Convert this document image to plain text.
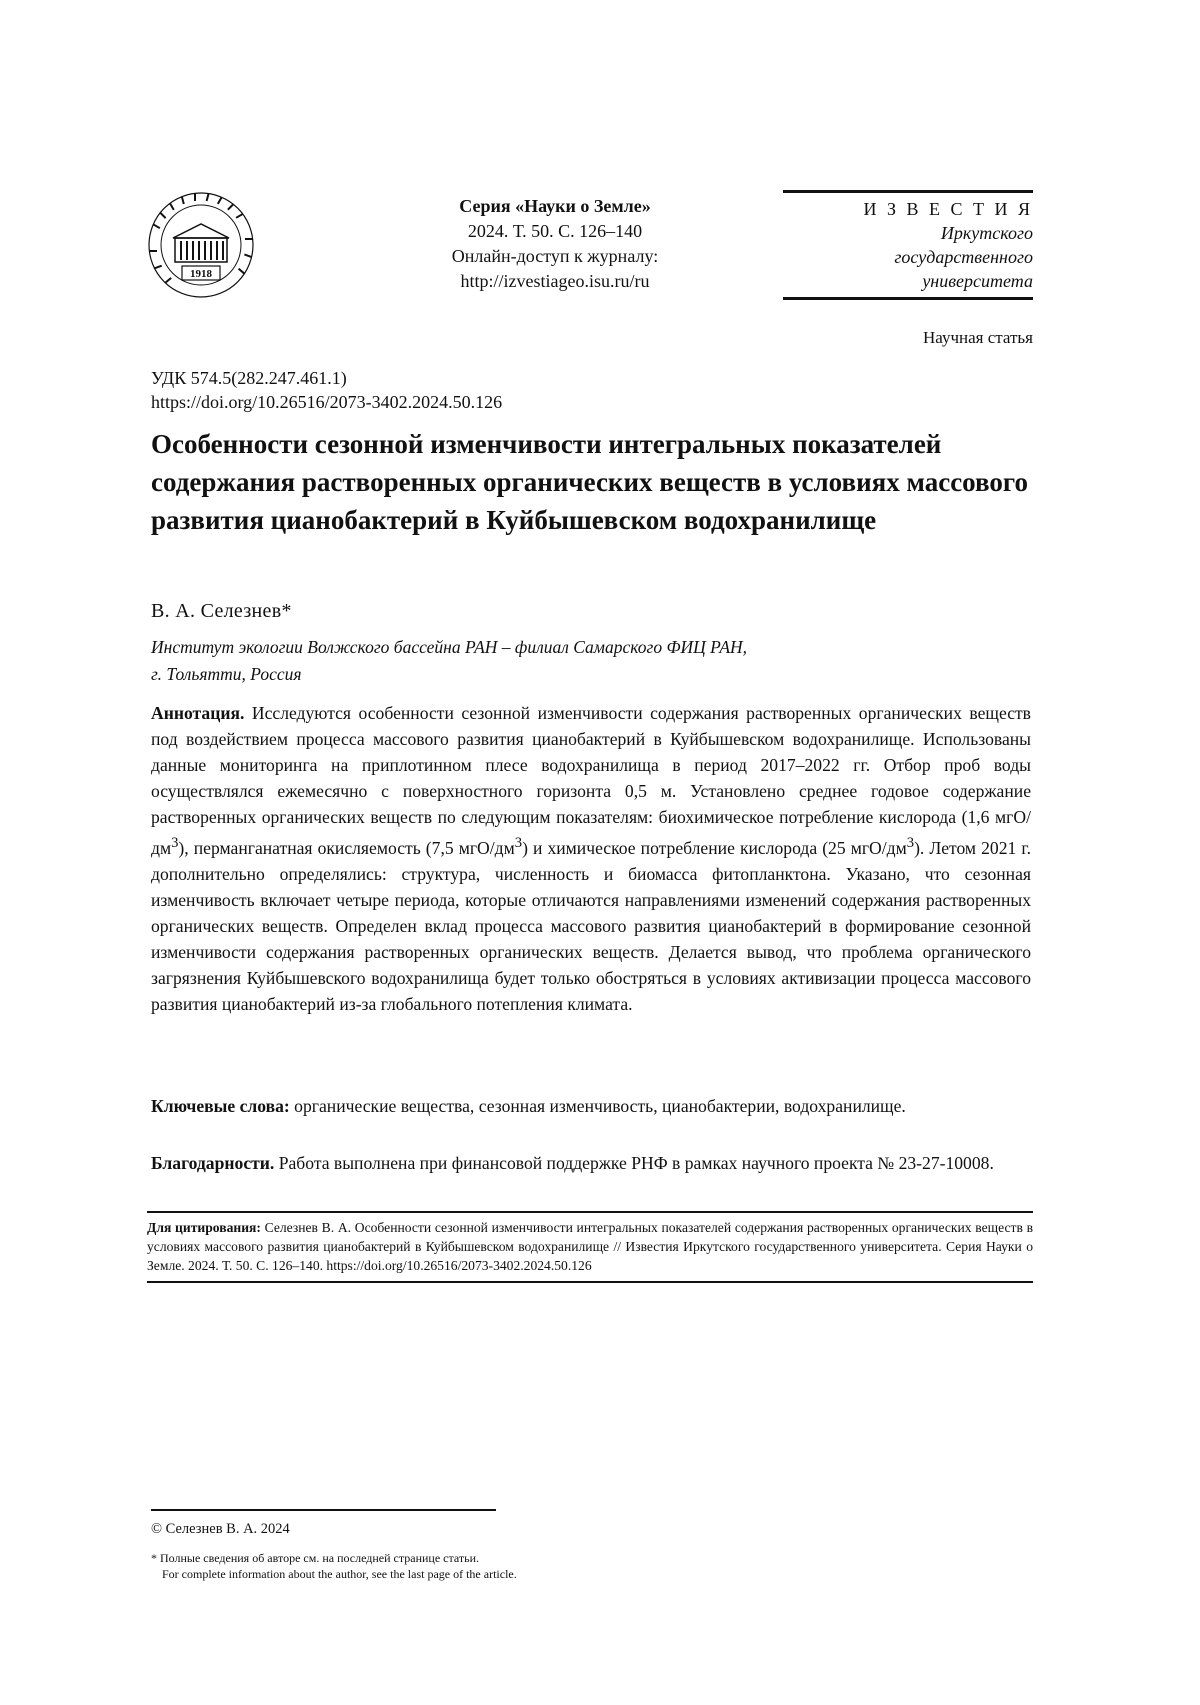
1918
Серия «Науки о Земле»
2024. Т. 50. С. 126–140
Онлайн-доступ к журналу:
http://izvestiageo.isu.ru/ru
И З В Е С Т И Я
Иркутского
государственного
университета
Научная статья
УДК 574.5(282.247.461.1)
https://doi.org/10.26516/2073-3402.2024.50.126
Особенности сезонной изменчивости интегральных показателей содержания растворенных органических веществ в условиях массового развития цианобактерий в Куйбышевском водохранилище
В. А. Селезнев*
Институт экологии Волжского бассейна РАН – филиал Самарского ФИЦ РАН,
г. Тольятти, Россия
Аннотация. Исследуются особенности сезонной изменчивости содержания растворенных органических веществ под воздействием процесса массового развития цианобактерий в Куйбышевском водохранилище. Использованы данные мониторинга на приплотинном плесе водохранилища в период 2017–2022 гг. Отбор проб воды осуществлялся ежемесячно с поверхностного горизонта 0,5 м. Установлено среднее годовое содержание растворенных органических веществ по следующим показателям: биохимическое потребление кислорода (1,6 мгО/$дм^3$), перманганатная окисляемость (7,5 мгО/$дм^3$) и химическое потребление кислорода (25 мгО/$дм^3$). Летом 2021 г. дополнительно определялись: структура, численность и биомасса фитопланктона. Указано, что сезонная изменчивость включает четыре периода, которые отличаются направлениями изменений содержания растворенных органических веществ. Определен вклад процесса массового развития цианобактерий в формирование сезонной изменчивости содержания растворенных органических веществ. Делается вывод, что проблема органического загрязнения Куйбышевского водохранилища будет только обостряться в условиях активизации процесса массового развития цианобактерий из-за глобального потепления климата.
Ключевые слова: органические вещества, сезонная изменчивость, цианобактерии, водохранилище.
Благодарности. Работа выполнена при финансовой поддержке РНФ в рамках научного проекта № 23-27-10008.
Для цитирования: Селезнев В. А. Особенности сезонной изменчивости интегральных показателей содержания растворенных органических веществ в условиях массового развития цианобактерий в Куйбышевском водохранилище // Известия Иркутского государственного университета. Серия Науки о Земле. 2024. Т. 50. С. 126–140. https://doi.org/10.26516/2073-3402.2024.50.126
© Селезнев В. А. 2024
* Полные сведения об авторе см. на последней странице статьи.
For complete information about the author, see the last page of the article.
